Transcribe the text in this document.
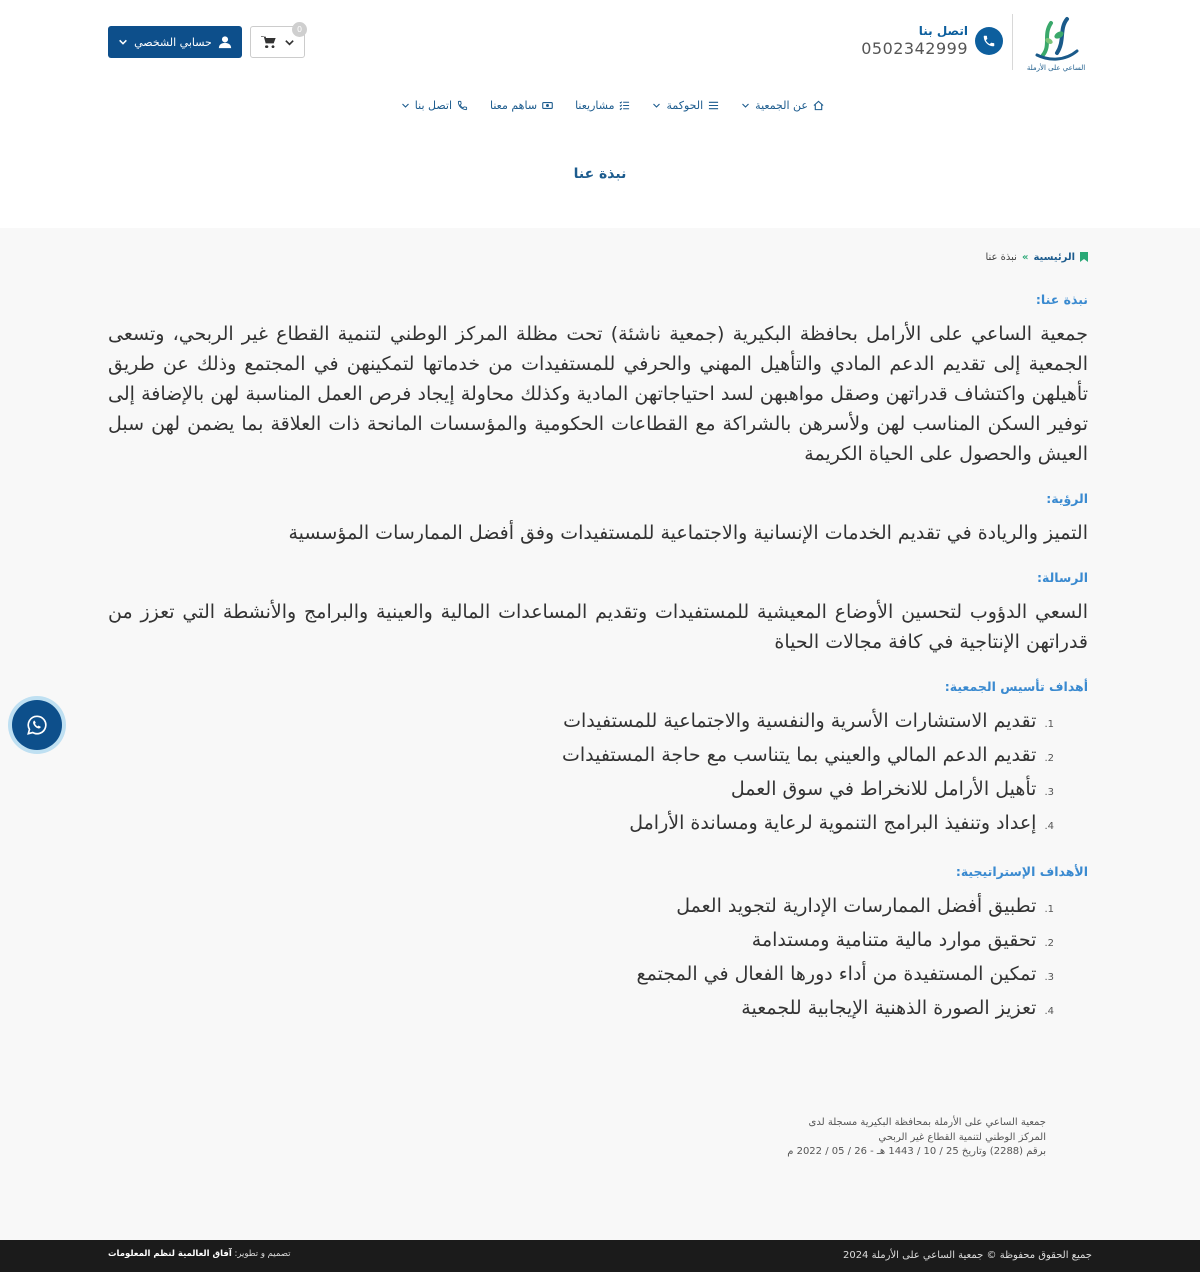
الساعي على الأرملة
اتصل بنا
0502342999
0
حسابي الشخصي
عن الجمعية
الحوكمة
مشاريعنا
ساهم معنا
اتصل بنا
نبذة عنا
الرئيسية
»
نبذة عنا
نبذة عنا:

جمعية الساعي على الأرامل بحافظة البكيرية (جمعية ناشئة) تحت مظلة المركز الوطني لتنمية القطاع غير الربحي، وتسعى الجمعية إلى تقديم الدعم المادي والتأهيل المهني والحرفي للمستفيدات من خدماتها لتمكينهن في المجتمع وذلك عن طريق تأهيلهن واكتشاف قدراتهن وصقل مواهبهن لسد احتياجاتهن المادية وكذلك محاولة إيجاد فرص العمل المناسبة لهن بالإضافة إلى توفير السكن المناسب لهن ولأسرهن بالشراكة مع القطاعات الحكومية والمؤسسات المانحة ذات العلاقة بما يضمن لهن سبل العيش والحصول على الحياة الكريمة

الرؤية:

التميز والريادة في تقديم الخدمات الإنسانية والاجتماعية للمستفيدات وفق أفضل الممارسات المؤسسية

الرسالة:

السعي الدؤوب لتحسين الأوضاع المعيشية للمستفيدات وتقديم المساعدات المالية والعينية والبرامج والأنشطة التي تعزز من قدراتهن الإنتاجية في كافة مجالات الحياة

أهداف تأسيس الجمعية:
1.
تقديم الاستشارات الأسرية والنفسية والاجتماعية للمستفيدات
2.
تقديم الدعم المالي والعيني بما يتناسب مع حاجة المستفيدات
3.
تأهيل الأرامل للانخراط في سوق العمل
4.
إعداد وتنفيذ البرامج التنموية لرعاية ومساندة الأرامل
الأهداف الإستراتيجية:
1.
تطبيق أفضل الممارسات الإدارية لتجويد العمل
2.
تحقيق موارد مالية متنامية ومستدامة
3.
تمكين المستفيدة من أداء دورها الفعال في المجتمع
4.
تعزيز الصورة الذهنية الإيجابية للجمعية
جمعية الساعي على الأرملة بمحافظة البكيرية مسجلة لدى
المركز الوطني لتنمية القطاع غير الربحي
برقم (2288) وتاريخ 25 / 10 / 1443 هـ - 26 / 05 / 2022 م
جميع الحقوق محفوظة © جمعية الساعي على الأرملة 2024
تصميم و تطوير: آفاق العالمية لنظم المعلومات
